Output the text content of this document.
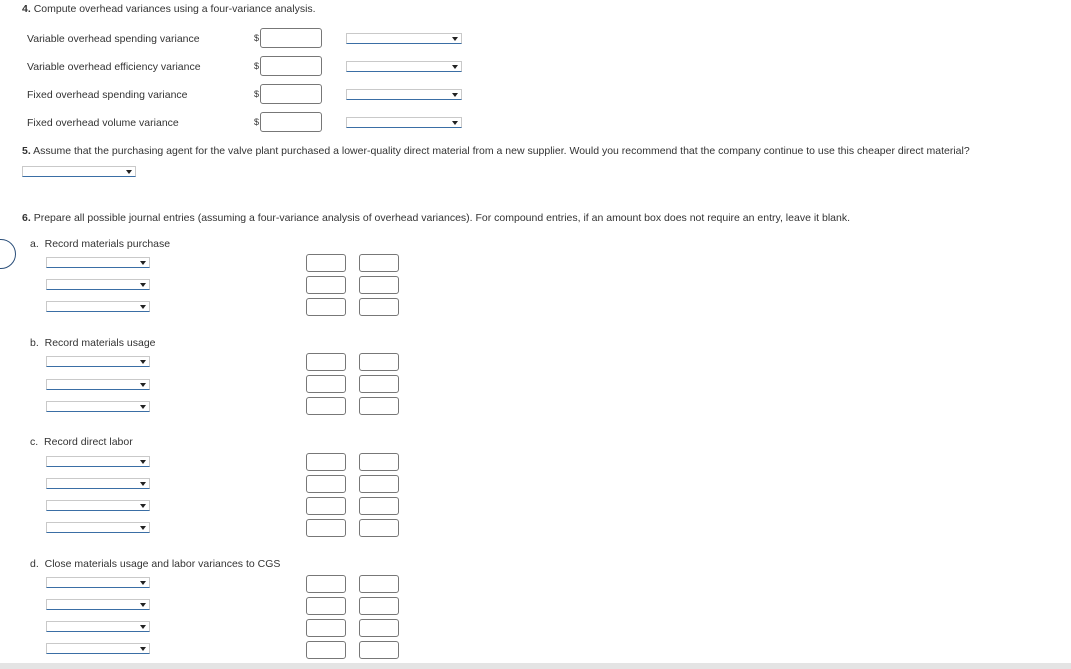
4. Compute overhead variances using a four-variance analysis.
Variable overhead spending variance	$
Variable overhead efficiency variance	$
Fixed overhead spending variance	$
Fixed overhead volume variance	$
5. Assume that the purchasing agent for the valve plant purchased a lower-quality direct material from a new supplier. Would you recommend that the company continue to use this cheaper direct material?
6. Prepare all possible journal entries (assuming a four-variance analysis of overhead variances). For compound entries, if an amount box does not require an entry, leave it blank.
a. Record materials purchase
b. Record materials usage
c. Record direct labor
d. Close materials usage and labor variances to CGS
